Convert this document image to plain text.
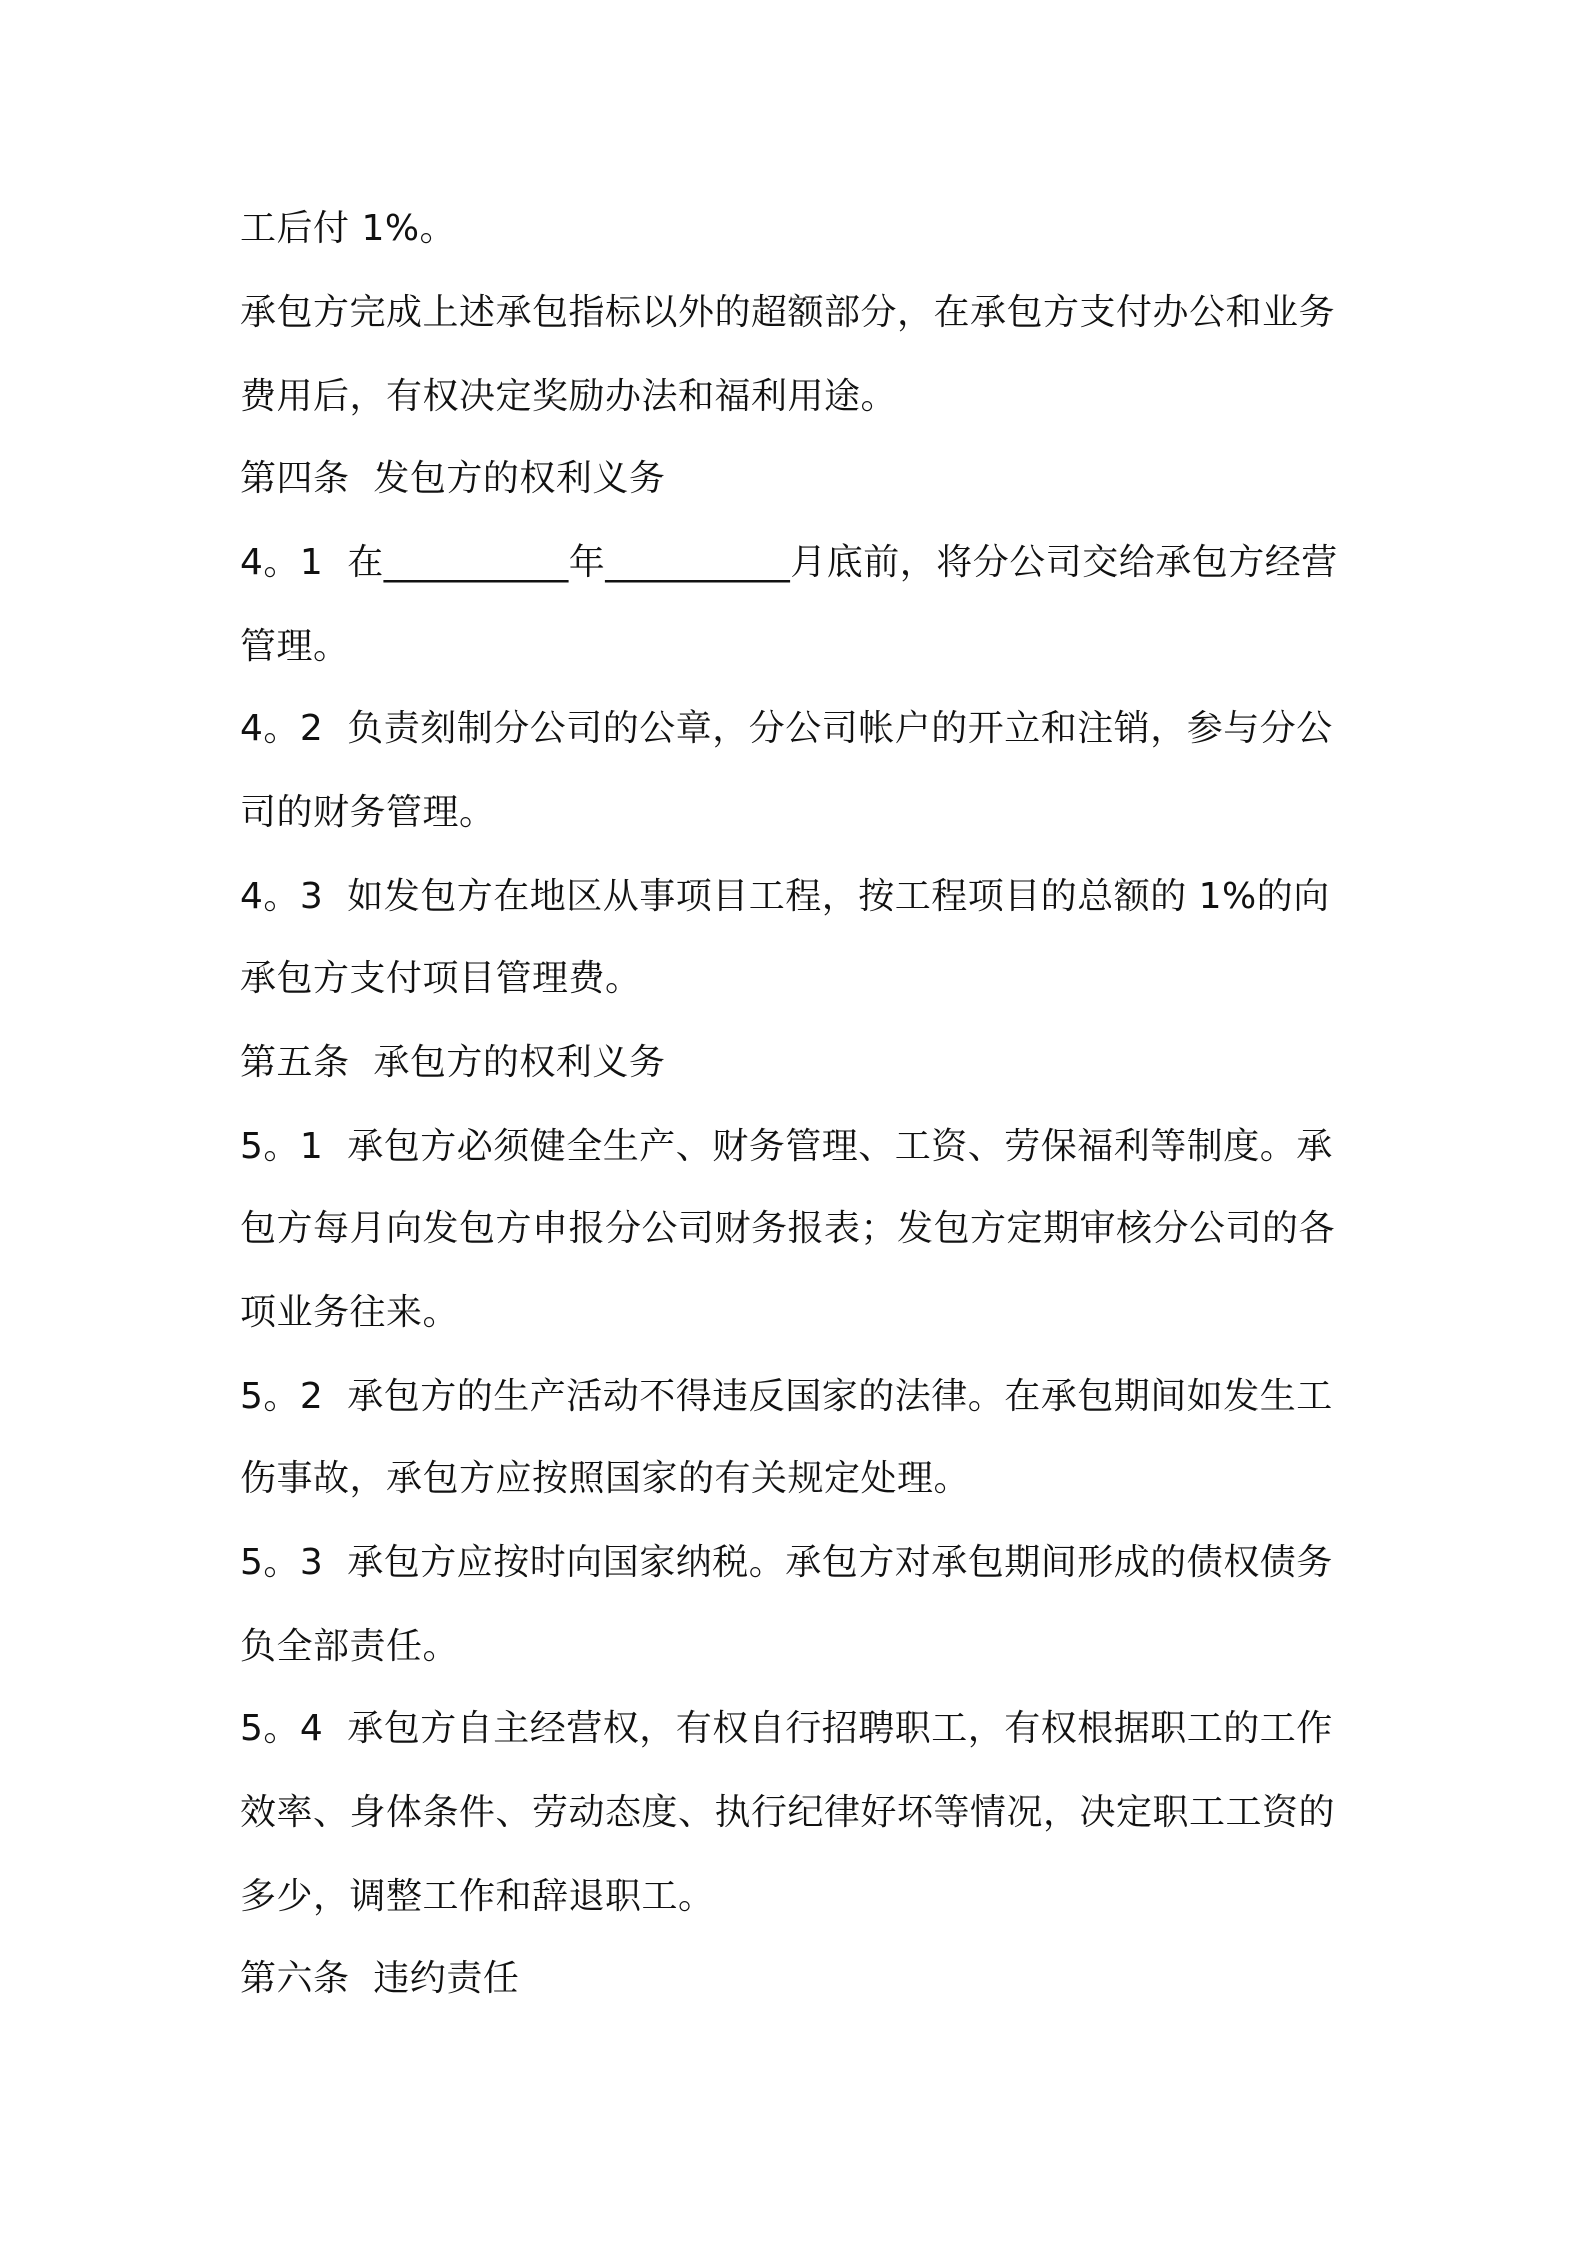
工后付 1%。
承包方完成上述承包指标以外的超额部分，在承包方支付办公和业务
费用后，有权决定奖励办法和福利用途。
第四条  发包方的权利义务
4。1  在__________年__________月底前，将分公司交给承包方经营
管理。
4。2  负责刻制分公司的公章，分公司帐户的开立和注销，参与分公
司的财务管理。
4。3  如发包方在地区从事项目工程，按工程项目的总额的 1%的向
承包方支付项目管理费。
第五条  承包方的权利义务
5。1  承包方必须健全生产、财务管理、工资、劳保福利等制度。承
包方每月向发包方申报分公司财务报表；发包方定期审核分公司的各
项业务往来。
5。2  承包方的生产活动不得违反国家的法律。在承包期间如发生工
伤事故，承包方应按照国家的有关规定处理。
5。3  承包方应按时向国家纳税。承包方对承包期间形成的债权债务
负全部责任。
5。4  承包方自主经营权，有权自行招聘职工，有权根据职工的工作
效率、身体条件、劳动态度、执行纪律好坏等情况，决定职工工资的
多少，调整工作和辞退职工。
第六条  违约责任
